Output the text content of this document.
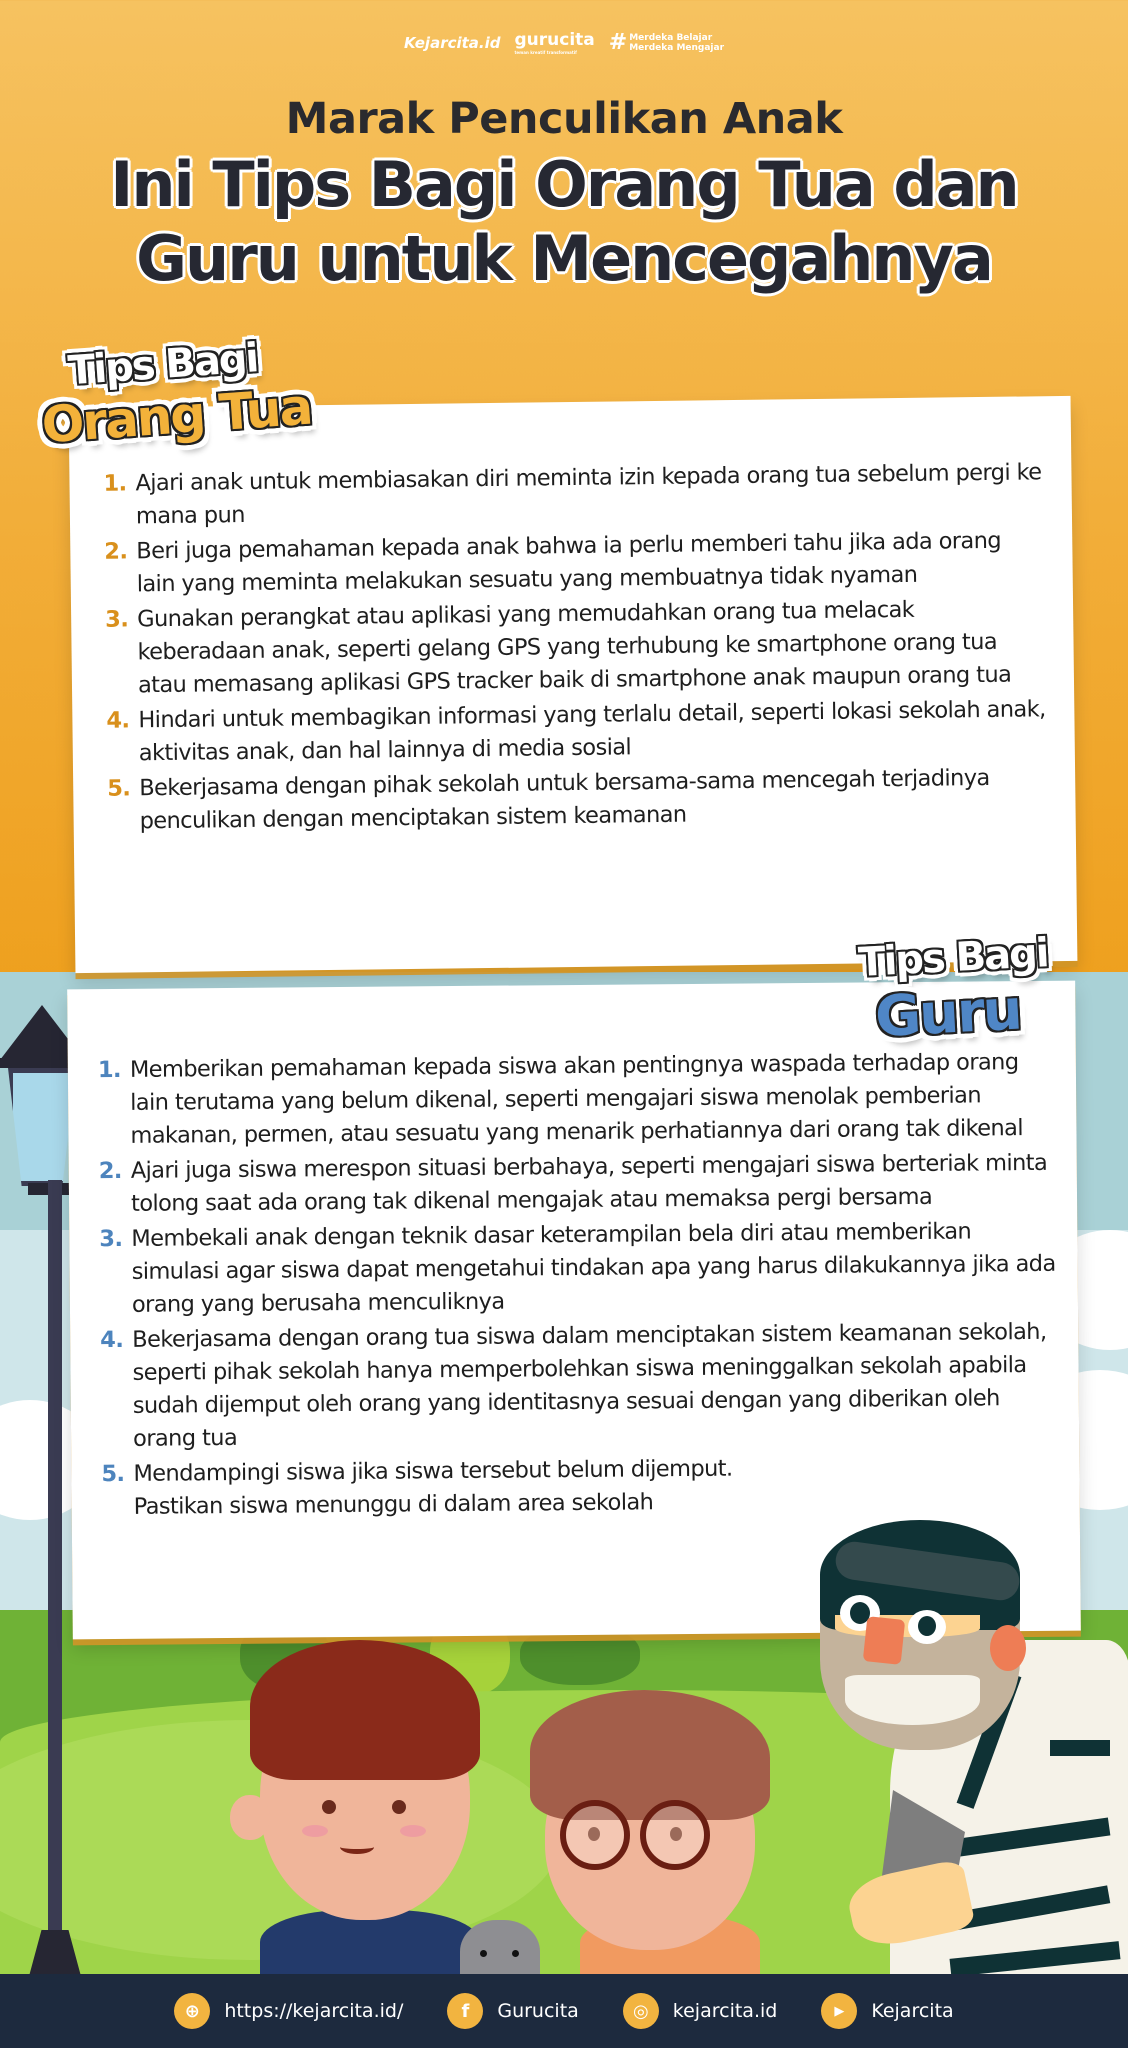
Kejarcita.id gurucita
teman kreatif transformatif	# Merdeka Belajar
Merdeka Mengajar
Marak Penculikan Anak
Ini Tips Bagi Orang Tua dan
Guru untuk Mencegahnya
1. Ajari anak untuk membiasakan diri meminta izin kepada orang tua sebelum pergi ke mana pun
2. Beri juga pemahaman kepada anak bahwa ia perlu memberi tahu jika ada orang lain yang meminta melakukan sesuatu yang membuatnya tidak nyaman
3. Gunakan perangkat atau aplikasi yang memudahkan orang tua melacak keberadaan anak, seperti gelang GPS yang terhubung ke smartphone orang tua atau memasang aplikasi GPS tracker baik di smartphone anak maupun orang tua
4. Hindari untuk membagikan informasi yang terlalu detail, seperti lokasi sekolah anak, aktivitas anak, dan hal lainnya di media sosial
5. Bekerjasama dengan pihak sekolah untuk bersama-sama mencegah terjadinya penculikan dengan menciptakan sistem keamanan
Tips Bagi
Orang Tua
1. Memberikan pemahaman kepada siswa akan pentingnya waspada terhadap orang lain terutama yang belum dikenal, seperti mengajari siswa menolak pemberian makanan, permen, atau sesuatu yang menarik perhatiannya dari orang tak dikenal
2. Ajari juga siswa merespon situasi berbahaya, seperti mengajari siswa berteriak minta tolong saat ada orang tak dikenal mengajak atau memaksa pergi bersama
3. Membekali anak dengan teknik dasar keterampilan bela diri atau memberikan simulasi agar siswa dapat mengetahui tindakan apa yang harus dilakukannya jika ada orang yang berusaha menculiknya
4. Bekerjasama dengan orang tua siswa dalam menciptakan sistem keamanan sekolah, seperti pihak sekolah hanya memperbolehkan siswa meninggalkan sekolah apabila sudah dijemput oleh orang yang identitasnya sesuai dengan yang diberikan oleh orang tua
5. Mendampingi siswa jika siswa tersebut belum dijemput. Pastikan siswa menunggu di dalam area sekolah
Tips Bagi
Guru
⊕	https://kejarcita.id/	f	Gurucita	◎	kejarcita.id	▶	Kejarcita
